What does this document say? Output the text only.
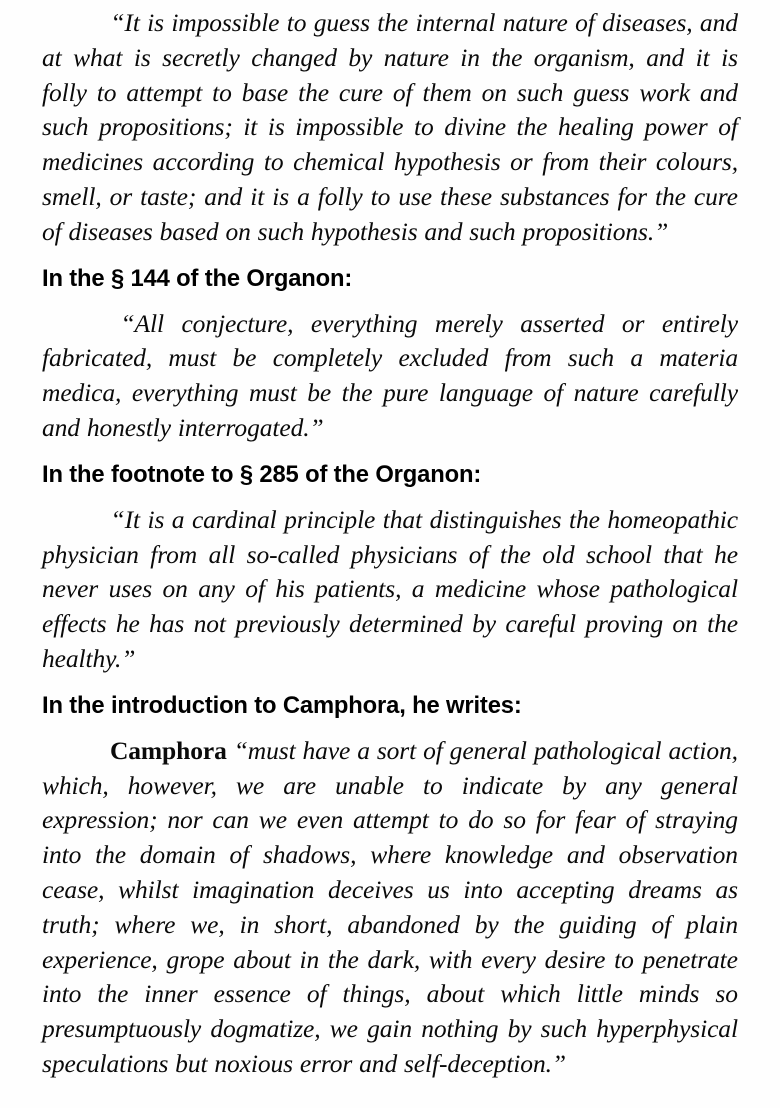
“It is impossible to guess the internal nature of diseases, and
at what is secretly changed by nature in the organism, and it is
folly to attempt to base the cure of them on such guess work and
such propositions; it is impossible to divine the healing power of
medicines according to chemical hypothesis or from their colours,
smell, or taste; and it is a folly to use these substances for the cure
of diseases based on such hypothesis and such propositions.”
In the § 144 of the Organon:
“All conjecture, everything merely asserted or entirely
fabricated, must be completely excluded from such a materia
medica, everything must be the pure language of nature carefully
and honestly interrogated.”
In the footnote to § 285 of the Organon:
“It is a cardinal principle that distinguishes the homeopathic
physician from all so-called physicians of the old school that he
never uses on any of his patients, a medicine whose pathological
effects he has not previously determined by careful proving on the
healthy.”
In the introduction to Camphora, he writes:
Camphora “must have a sort of general pathological action,
which, however, we are unable to indicate by any general
expression; nor can we even attempt to do so for fear of straying
into the domain of shadows, where knowledge and observation
cease, whilst imagination deceives us into accepting dreams as
truth; where we, in short, abandoned by the guiding of plain
experience, grope about in the dark, with every desire to penetrate
into the inner essence of things, about which little minds so
presumptuously dogmatize, we gain nothing by such hyperphysical
speculations but noxious error and self-deception.”
